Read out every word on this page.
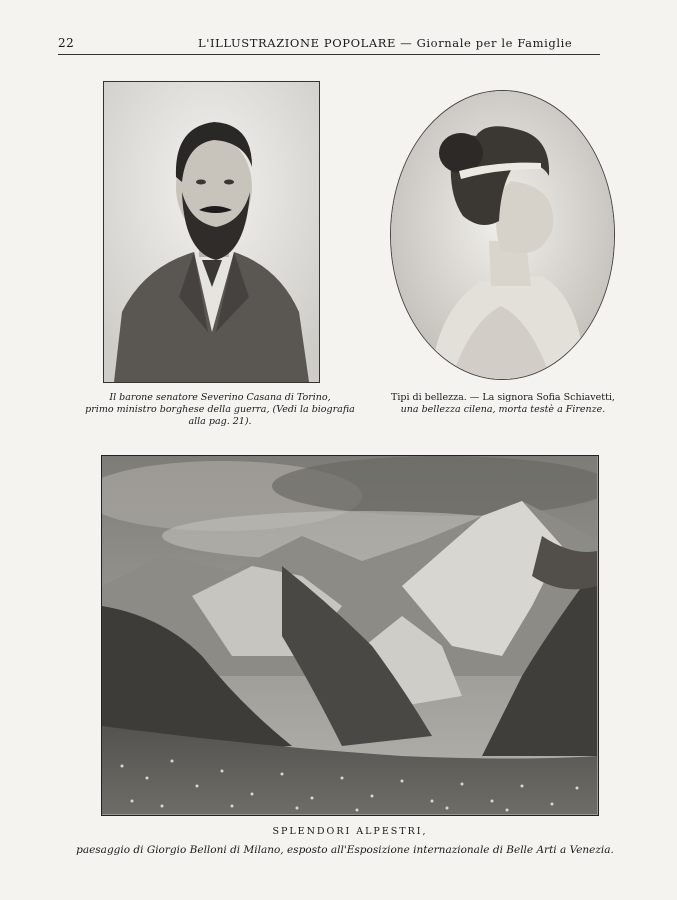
22	L'ILLUSTRAZIONE POPOLARE — Giornale per le Famiglie
Il barone senatore Severino Casana di Torino,
primo ministro borghese della guerra, (Vedi la biografia alla pag. 21).
Tipi di bellezza. — La signora Sofia Schiavetti,
una bellezza cilena, morta testè a Firenze.
SPLENDORI ALPESTRI,
paesaggio di Giorgio Belloni di Milano, esposto all'Esposizione internazionale di Belle Arti a Venezia.
